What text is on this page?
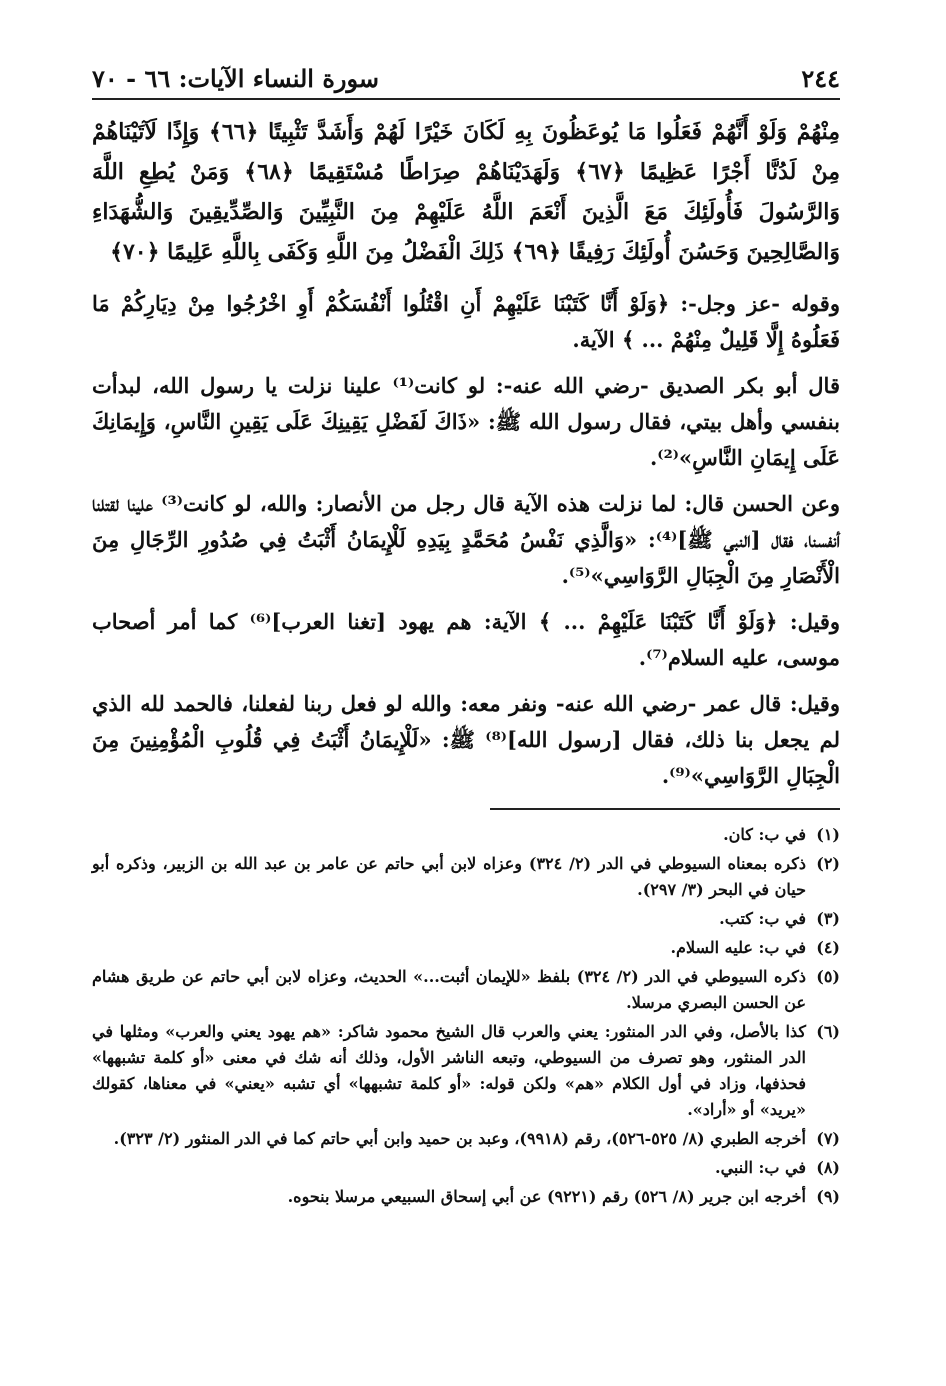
٢٤٤
سورة النساء الآيات: ٦٦ - ٧٠
مِنْهُمْ وَلَوْ أَنَّهُمْ فَعَلُوا مَا يُوعَظُونَ بِهِ لَكَانَ خَيْرًا لَهُمْ وَأَشَدَّ تَثْبِيتًا ﴿٦٦﴾ وَإِذًا لَآتَيْنَاهُمْ مِنْ لَدُنَّا أَجْرًا عَظِيمًا ﴿٦٧﴾ وَلَهَدَيْنَاهُمْ صِرَاطًا مُسْتَقِيمًا ﴿٦٨﴾ وَمَنْ يُطِعِ اللَّهَ وَالرَّسُولَ فَأُولَئِكَ مَعَ الَّذِينَ أَنْعَمَ اللَّهُ عَلَيْهِمْ مِنَ النَّبِيِّينَ وَالصِّدِّيقِينَ وَالشُّهَدَاءِ وَالصَّالِحِينَ وَحَسُنَ أُولَئِكَ رَفِيقًا ﴿٦٩﴾ ذَلِكَ الْفَضْلُ مِنَ اللَّهِ وَكَفَى بِاللَّهِ عَلِيمًا ﴿٧٠﴾
وقوله -عز وجل-: ﴿وَلَوْ أَنَّا كَتَبْنَا عَلَيْهِمْ أَنِ اقْتُلُوا أَنْفُسَكُمْ أَوِ اخْرُجُوا مِنْ دِيَارِكُمْ مَا فَعَلُوهُ إِلَّا قَلِيلٌ مِنْهُمْ ... ﴾ الآية.
قال أبو بكر الصديق -رضي الله عنه-: لو كانت⁽¹⁾ علينا نزلت يا رسول الله، لبدأت بنفسي وأهل بيتي، فقال رسول الله ﷺ: «ذَاكَ لَفَضْلِ يَقِينِكَ عَلَى يَقِينِ النَّاسِ، وَإِيمَانِكَ عَلَى إِيمَانِ النَّاسِ»⁽²⁾.
وعن الحسن قال: لما نزلت هذه الآية قال رجل من الأنصار: والله، لو كانت⁽³⁾ علينا لقتلنا أنفسنا، فقال [النبي ﷺ]⁽⁴⁾: «وَالَّذِي نَفْسُ مُحَمَّدٍ بِيَدِهِ لَلْإِيمَانُ أَثْبَتُ فِي صُدُورِ الرِّجَالِ مِنَ الْأَنْصَارِ مِنَ الْجِبَالِ الرَّوَاسِي»⁽⁵⁾.
وقيل: ﴿وَلَوْ أَنَّا كَتَبْنَا عَلَيْهِمْ ... ﴾ الآية: هم يهود [تغنا العرب]⁽⁶⁾ كما أمر أصحاب موسى، عليه السلام⁽⁷⁾.
وقيل: قال عمر -رضي الله عنه- ونفر معه: والله لو فعل ربنا لفعلنا، فالحمد لله الذي لم يجعل بنا ذلك، فقال [رسول الله]⁽⁸⁾ ﷺ: «لَلْإِيمَانُ أَثْبَتُ فِي قُلُوبِ الْمُؤْمِنِينَ مِنَ الْجِبَالِ الرَّوَاسِي»⁽⁹⁾.
(١)
في ب: كان.
(٢)
ذكره بمعناه السيوطي في الدر (٢/ ٣٢٤) وعزاه لابن أبي حاتم عن عامر بن عبد الله بن الزبير، وذكره أبو حيان في البحر (٣/ ٢٩٧).
(٣)
في ب: كتب.
(٤)
في ب: عليه السلام.
(٥)
ذكره السيوطي في الدر (٢/ ٣٢٤) بلفظ «للإيمان أثبت...» الحديث، وعزاه لابن أبي حاتم عن طريق هشام عن الحسن البصري مرسلا.
(٦)
كذا بالأصل، وفي الدر المنثور: يعني والعرب قال الشيخ محمود شاكر: «هم يهود يعني والعرب» ومثلها في الدر المنثور، وهو تصرف من السيوطي، وتبعه الناشر الأول، وذلك أنه شك في معنى «أو كلمة تشبهها» فحذفها، وزاد في أول الكلام «هم» ولكن قوله: «أو كلمة تشبهها» أي تشبه «يعني» في معناها، كقولك «يريد» أو «أراد».
(٧)
أخرجه الطبري (٨/ ٥٢٥-٥٢٦)، رقم (٩٩١٨)، وعبد بن حميد وابن أبي حاتم كما في الدر المنثور (٢/ ٣٢٣).
(٨)
في ب: النبي.
(٩)
أخرجه ابن جرير (٨/ ٥٢٦) رقم (٩٢٢١) عن أبي إسحاق السبيعي مرسلا بنحوه.
